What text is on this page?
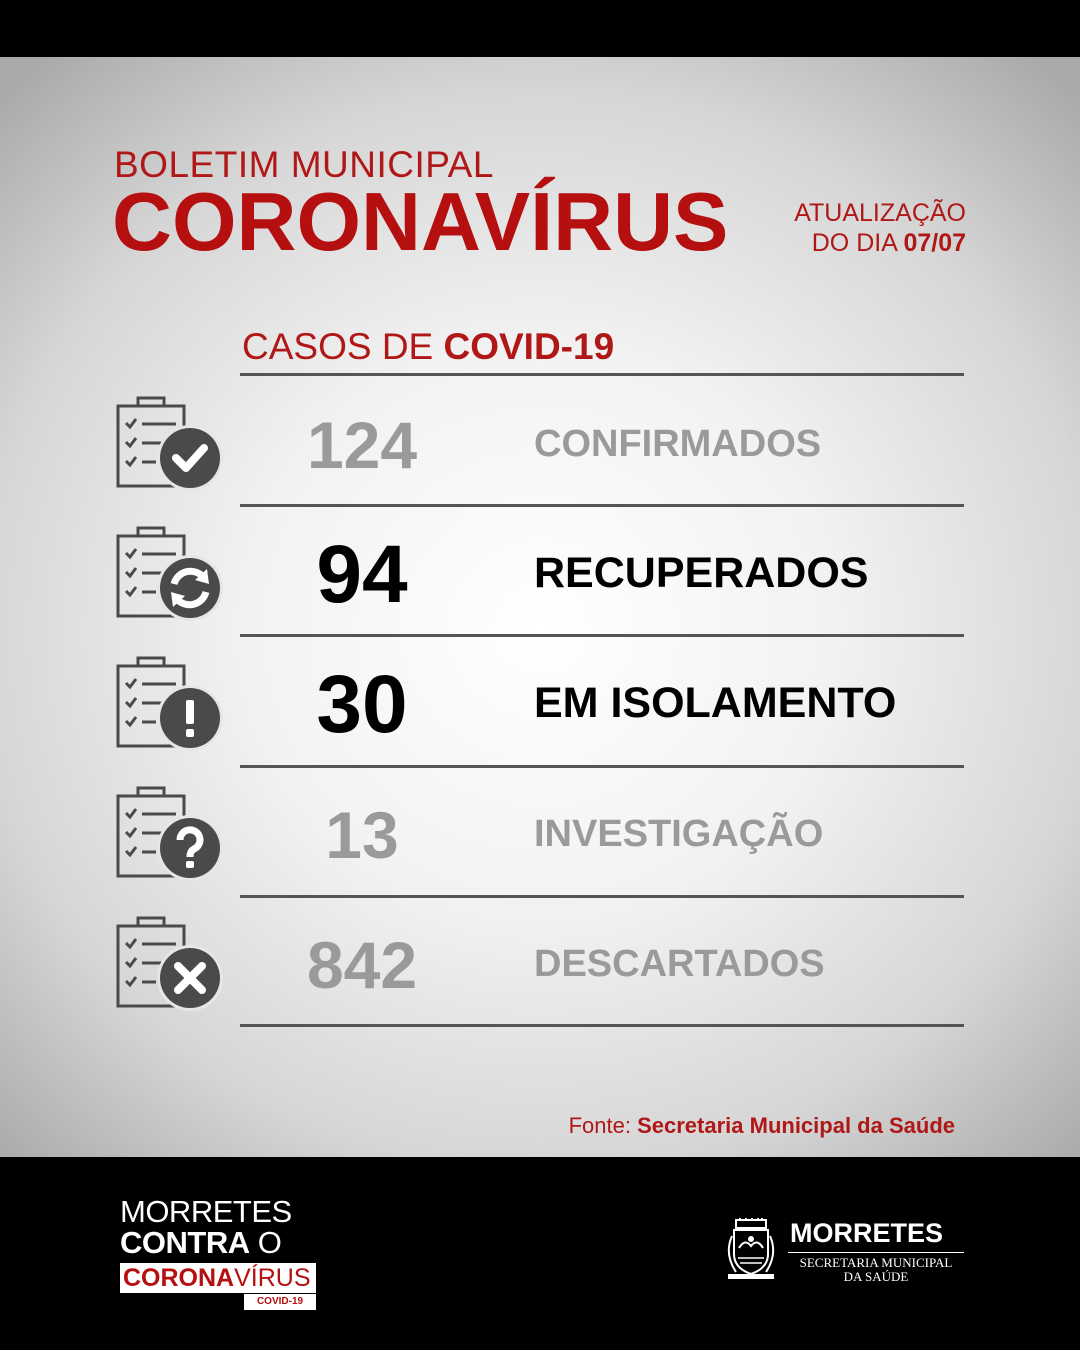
BOLETIM MUNICIPAL
CORONAVÍRUS	ATUALIZAÇÃO
DO DIA 07/07
CASOS DE COVID-19
124	CONFIRMADOS
94	RECUPERADOS
30	EM ISOLAMENTO
13	INVESTIGAÇÃO
842	DESCARTADOS
Fonte: Secretaria Municipal da Saúde
MORRETES
CONTRA O
CORONAVÍRUS
COVID-19
MORRETES
SECRETARIA MUNICIPAL
DA SAÚDE
